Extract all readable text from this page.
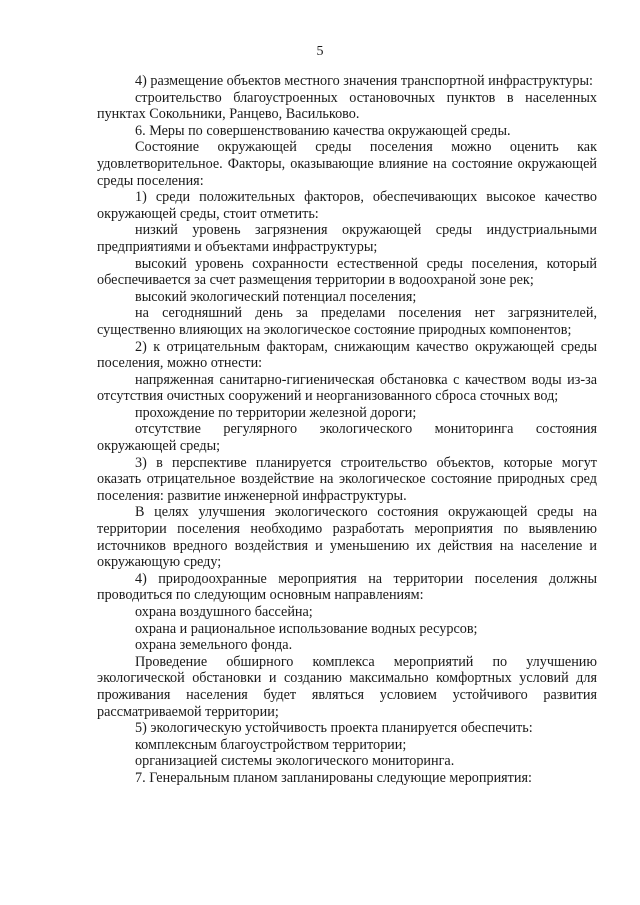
5

4) размещение объектов местного значения транспортной инфраструктуры:

строительство благоустроенных остановочных пунктов в населенных пунктах Сокольники, Ранцево, Васильково.

6. Меры по совершенствованию качества окружающей среды.

Состояние окружающей среды поселения можно оценить как удовлетворительное. Факторы, оказывающие влияние на состояние окружающей среды поселения:

1) среди положительных факторов, обеспечивающих высокое качество окружающей среды, стоит отметить:

низкий уровень загрязнения окружающей среды индустриальными предприятиями и объектами инфраструктуры;

высокий уровень сохранности естественной среды поселения, который обеспечивается за счет размещения территории в водоохраной зоне рек;

высокий экологический потенциал поселения;

на сегодняшний день за пределами поселения нет загрязнителей, существенно влияющих на экологическое состояние природных компонентов;

2) к отрицательным факторам, снижающим качество окружающей среды поселения, можно отнести:

напряженная санитарно-гигиеническая обстановка с качеством воды из-за отсутствия очистных сооружений и неорганизованного сброса сточных вод;

прохождение по территории железной дороги;

отсутствие регулярного экологического мониторинга состояния окружающей среды;

3) в перспективе планируется строительство объектов, которые могут оказать отрицательное воздействие на экологическое состояние природных сред поселения: развитие инженерной инфраструктуры.

В целях улучшения экологического состояния окружающей среды на территории поселения необходимо разработать мероприятия по выявлению источников вредного воздействия и уменьшению их действия на население и окружающую среду;

4) природоохранные мероприятия на территории поселения должны проводиться по следующим основным направлениям:

охрана воздушного бассейна;

охрана и рациональное использование водных ресурсов;

охрана земельного фонда.

Проведение обширного комплекса мероприятий по улучшению экологической обстановки и созданию максимально комфортных условий для проживания населения будет являться условием устойчивого развития рассматриваемой территории;

5) экологическую устойчивость проекта планируется обеспечить:

комплексным благоустройством территории;

организацией системы экологического мониторинга.

7. Генеральным планом запланированы следующие мероприятия:
